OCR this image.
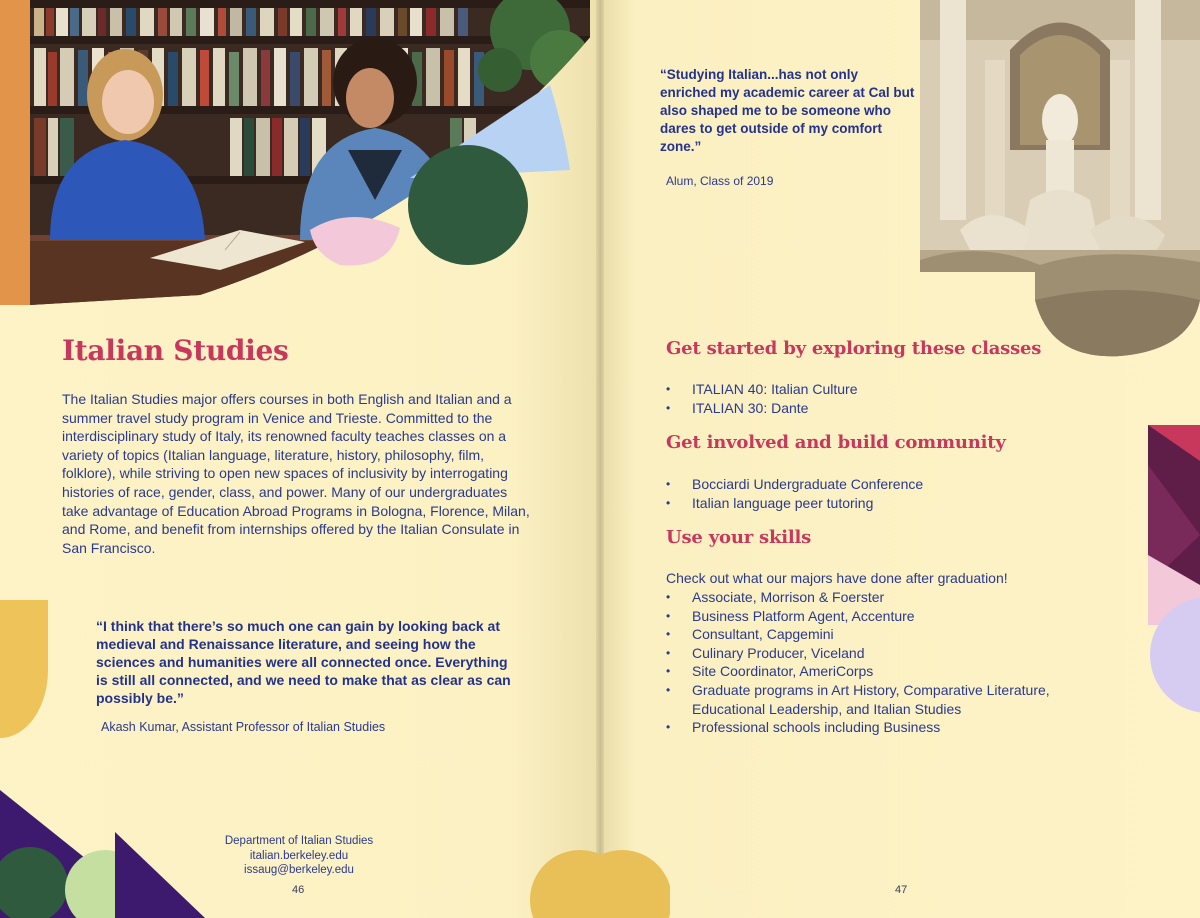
Italian Studies

The Italian Studies major offers courses in both English and Italian and a summer travel study program in Venice and Trieste. Committed to the interdisciplinary study of Italy, its renowned faculty teaches classes on a variety of topics (Italian language, literature, history, philosophy, film, folklore), while striving to open new spaces of inclusivity by interrogating histories of race, gender, class, and power. Many of our undergraduates take advantage of Education Abroad Programs in Bologna, Florence, Milan, and Rome, and benefit from internships offered by the Italian Consulate in San Francisco.

“I think that there’s so much one can gain by looking back at medieval and Renaissance literature, and seeing how the sciences and humanities were all connected once. Everything is still all connected, and we need to make that as clear as can possibly be.”

Akash Kumar, Assistant Professor of Italian Studies

Department of Italian Studies
italian.berkeley.edu
issaug@berkeley.edu
46

“Studying Italian...has not only enriched my academic career at Cal but also shaped me to be someone who dares to get outside of my comfort zone.”

Alum, Class of 2019

Get started by exploring these classes
• ITALIAN 40: Italian Culture
• ITALIAN 30: Dante
Get involved and build community
• Bocciardi Undergraduate Conference
• Italian language peer tutoring
Use your skills

Check out what our majors have done after graduation!

• Associate, Morrison & Foerster
• Business Platform Agent, Accenture
• Consultant, Capgemini
• Culinary Producer, Viceland
• Site Coordinator, AmeriCorps
• Graduate programs in Art History, Comparative Literature, Educational Leadership, and Italian Studies
• Professional schools including Business
47
